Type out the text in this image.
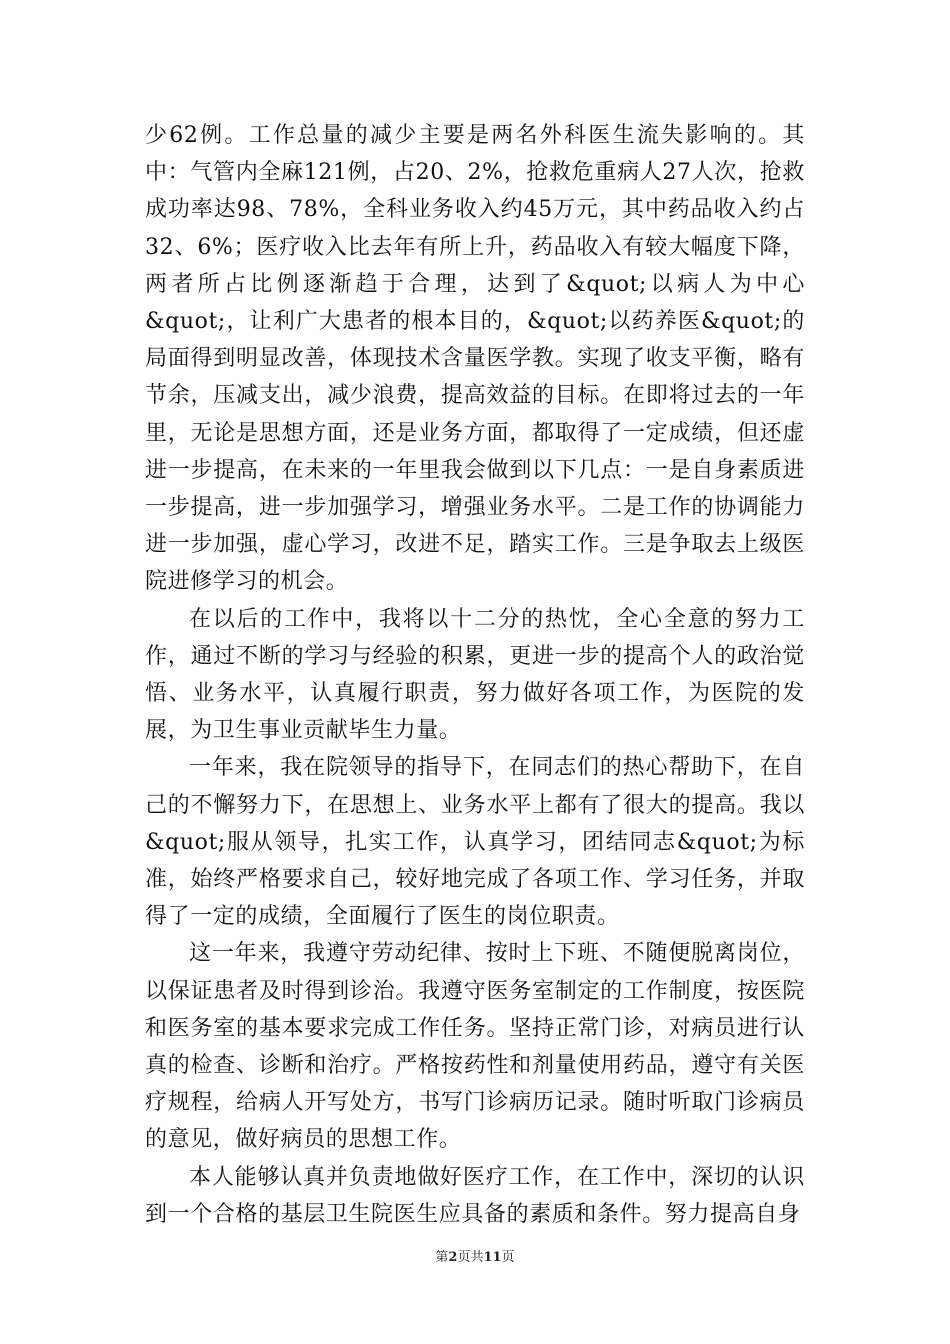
少62例。工作总量的减少主要是两名外科医生流失影响的。其中：气管内全麻121例，占20、2%，抢救危重病人27人次，抢救成功率达98、78%，全科业务收入约45万元，其中药品收入约占32、6%；医疗收入比去年有所上升，药品收入有较大幅度下降，两者所占比例逐渐趋于合理，达到了&quot;以病人为中心&quot;，让利广大患者的根本目的，&quot;以药养医&quot;的局面得到明显改善，体现技术含量医学教。实现了收支平衡，略有节余，压减支出，减少浪费，提高效益的目标。在即将过去的一年里，无论是思想方面，还是业务方面，都取得了一定成绩，但还虚进一步提高，在未来的一年里我会做到以下几点：一是自身素质进一步提高，进一步加强学习，增强业务水平。二是工作的协调能力进一步加强，虚心学习，改进不足，踏实工作。三是争取去上级医院进修学习的机会。

在以后的工作中，我将以十二分的热忱，全心全意的努力工作，通过不断的学习与经验的积累，更进一步的提高个人的政治觉悟、业务水平，认真履行职责，努力做好各项工作，为医院的发展，为卫生事业贡献毕生力量。

一年来，我在院领导的指导下，在同志们的热心帮助下，在自己的不懈努力下，在思想上、业务水平上都有了很大的提高。我以&quot;服从领导，扎实工作，认真学习，团结同志&quot;为标准，始终严格要求自己，较好地完成了各项工作、学习任务，并取得了一定的成绩，全面履行了医生的岗位职责。

这一年来，我遵守劳动纪律、按时上下班、不随便脱离岗位，以保证患者及时得到诊治。我遵守医务室制定的工作制度，按医院和医务室的基本要求完成工作任务。坚持正常门诊，对病员进行认真的检查、诊断和治疗。严格按药性和剂量使用药品，遵守有关医疗规程，给病人开写处方，书写门诊病历记录。随时听取门诊病员的意见，做好病员的思想工作。

本人能够认真并负责地做好医疗工作，在工作中，深切的认识到一个合格的基层卫生院医生应具备的素质和条件。努力提高自身

第2页共11页
